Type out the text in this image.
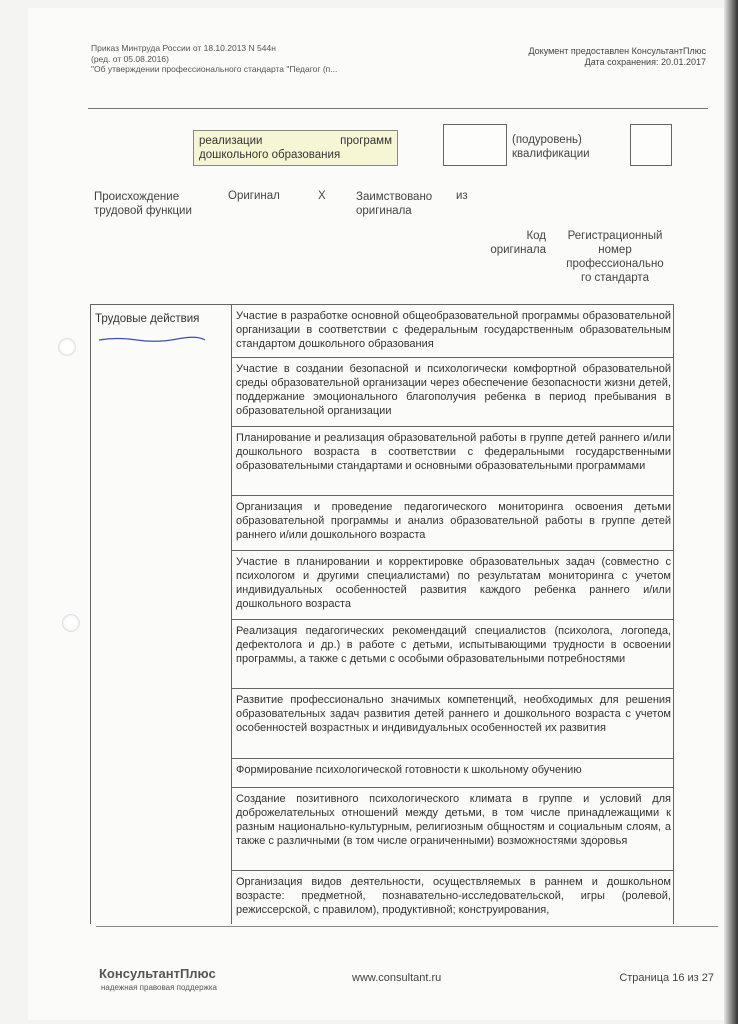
Приказ Минтруда России от 18.10.2013 N 544н
(ред. от 05.08.2016)
"Об утверждении профессионального стандарта "Педагог (п...
Документ предоставлен КонсультантПлюс
Дата сохранения: 20.01.2017
реализации	программ
дошкольного образования
(подуровень)
квалификации
Происхождение
трудовой функции
Оригинал	X	Заимствовано
оригинала
из
Код
оригинала
Регистрационный
номер
профессионально
го стандарта
Трудовые действия	Участие в разработке основной общеобразовательной программы образовательной организации в соответствии с федеральным государственным образовательным стандартом дошкольного образования
Участие в создании безопасной и психологически комфортной образовательной среды образовательной организации через обеспечение безопасности жизни детей, поддержание эмоционального благополучия ребенка в период пребывания в образовательной организации
Планирование и реализация образовательной работы в группе детей раннего и/или дошкольного возраста в соответствии с федеральными государственными образовательными стандартами и основными образовательными программами
Организация и проведение педагогического мониторинга освоения детьми образовательной программы и анализ образовательной работы в группе детей раннего и/или дошкольного возраста
Участие в планировании и корректировке образовательных задач (совместно с психологом и другими специалистами) по результатам мониторинга с учетом индивидуальных особенностей развития каждого ребенка раннего и/или дошкольного возраста
Реализация педагогических рекомендаций специалистов (психолога, логопеда, дефектолога и др.) в работе с детьми, испытывающими трудности в освоении программы, а также с детьми с особыми образовательными потребностями
Развитие профессионально значимых компетенций, необходимых для решения образовательных задач развития детей раннего и дошкольного возраста с учетом особенностей возрастных и индивидуальных особенностей их развития
Формирование психологической готовности к школьному обучению
Создание позитивного психологического климата в группе и условий для доброжелательных отношений между детьми, в том числе принадлежащими к разным национально-культурным, религиозным общностям и социальным слоям, а также с различными (в том числе ограниченными) возможностями здоровья
Организация видов деятельности, осуществляемых в раннем и дошкольном возрасте: предметной, познавательно-исследовательской, игры (ролевой, режиссерской, с правилом), продуктивной; конструирования,
КонсультантПлюс
надежная правовая поддержка
www.consultant.ru	Страница 16 из 27
